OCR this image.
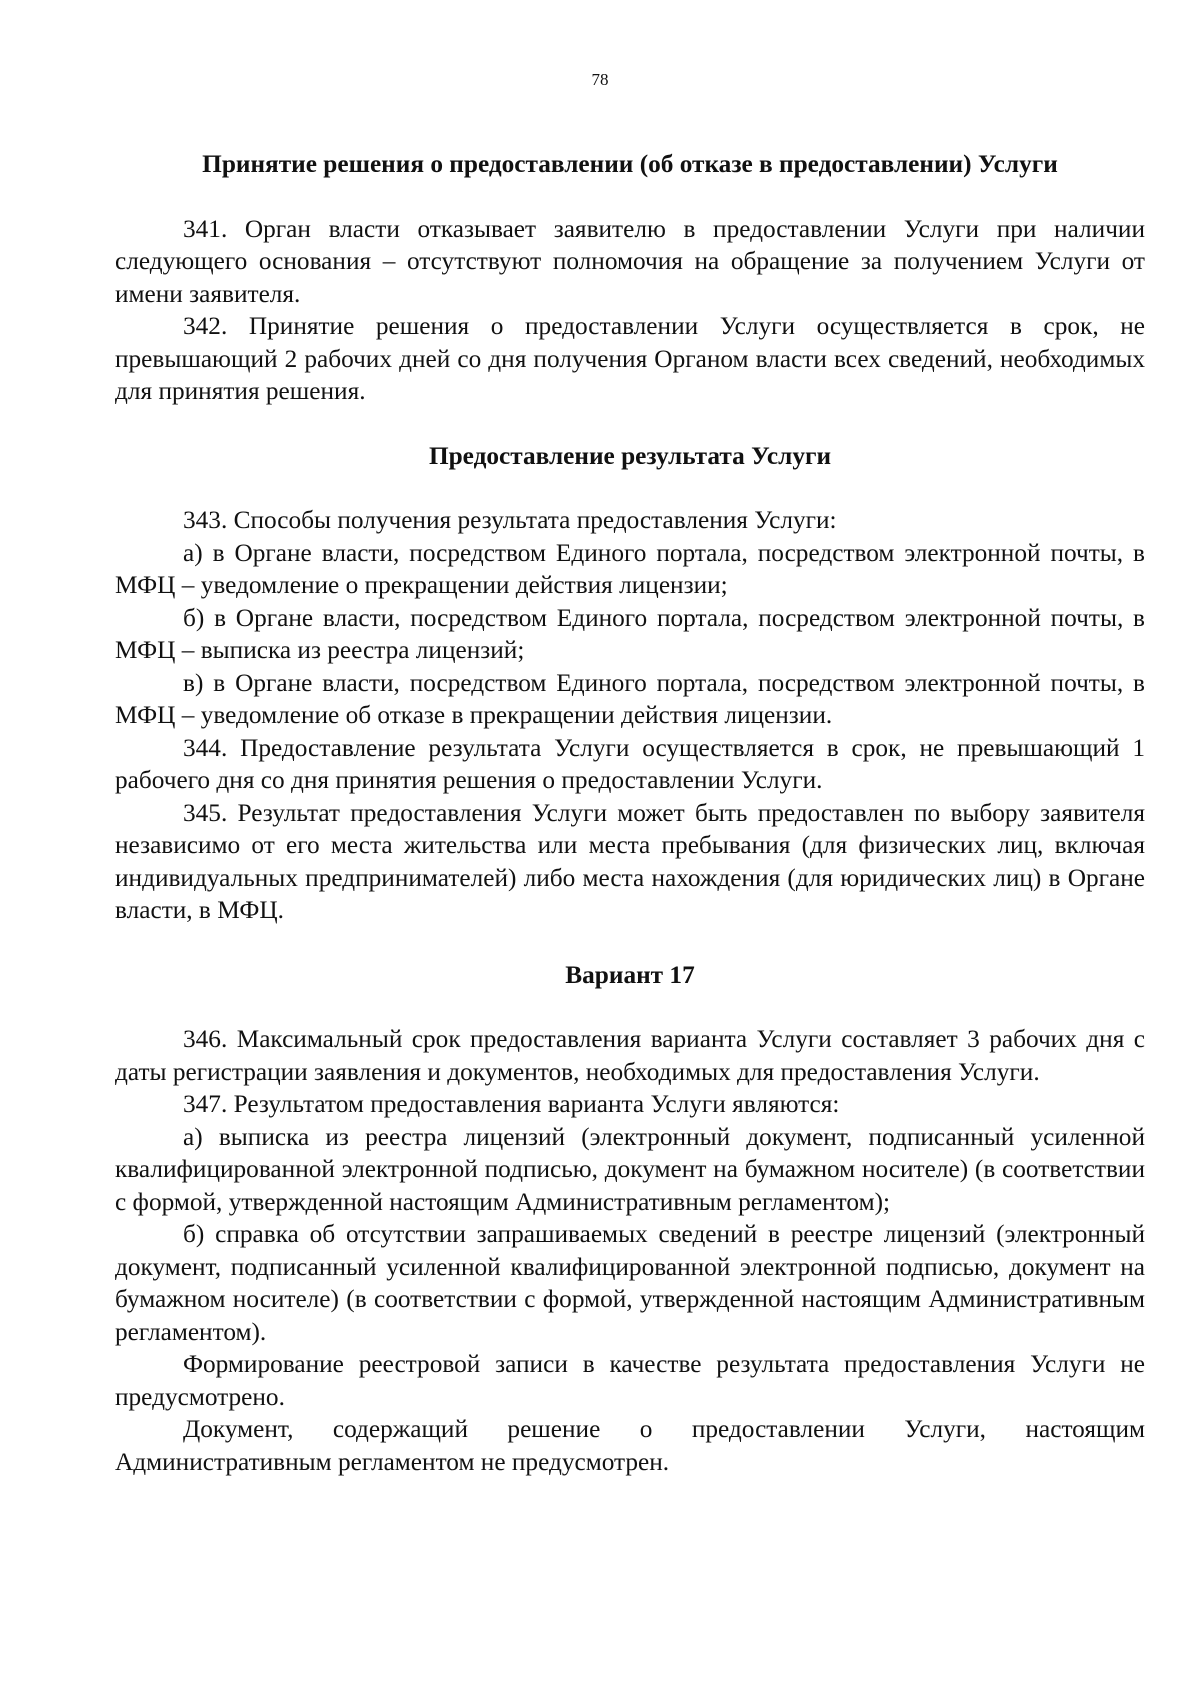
78

Принятие решения о предоставлении (об отказе в предоставлении) Услуги

341. Орган власти отказывает заявителю в предоставлении Услуги при наличии следующего основания – отсутствуют полномочия на обращение за получением Услуги от имени заявителя.

342. Принятие решения о предоставлении Услуги осуществляется в срок, не превышающий 2 рабочих дней со дня получения Органом власти всех сведений, необходимых для принятия решения.

Предоставление результата Услуги

343. Способы получения результата предоставления Услуги:

а) в Органе власти, посредством Единого портала, посредством электронной почты, в МФЦ – уведомление о прекращении действия лицензии;

б) в Органе власти, посредством Единого портала, посредством электронной почты, в МФЦ – выписка из реестра лицензий;

в) в Органе власти, посредством Единого портала, посредством электронной почты, в МФЦ – уведомление об отказе в прекращении действия лицензии.

344. Предоставление результата Услуги осуществляется в срок, не превышающий 1 рабочего дня со дня принятия решения о предоставлении Услуги.

345. Результат предоставления Услуги может быть предоставлен по выбору заявителя независимо от его места жительства или места пребывания (для физических лиц, включая индивидуальных предпринимателей) либо места нахождения (для юридических лиц) в Органе власти, в МФЦ.

Вариант 17

346. Максимальный срок предоставления варианта Услуги составляет 3 рабочих дня с даты регистрации заявления и документов, необходимых для предоставления Услуги.

347. Результатом предоставления варианта Услуги являются:

а) выписка из реестра лицензий (электронный документ, подписанный усиленной квалифицированной электронной подписью, документ на бумажном носителе) (в соответствии с формой, утвержденной настоящим Административным регламентом);

б) справка об отсутствии запрашиваемых сведений в реестре лицензий (электронный документ, подписанный усиленной квалифицированной электронной подписью, документ на бумажном носителе) (в соответствии с формой, утвержденной настоящим Административным регламентом).

Формирование реестровой записи в качестве результата предоставления Услуги не предусмотрено.

Документ, содержащий решение о предоставлении Услуги, настоящим Административным регламентом не предусмотрен.
